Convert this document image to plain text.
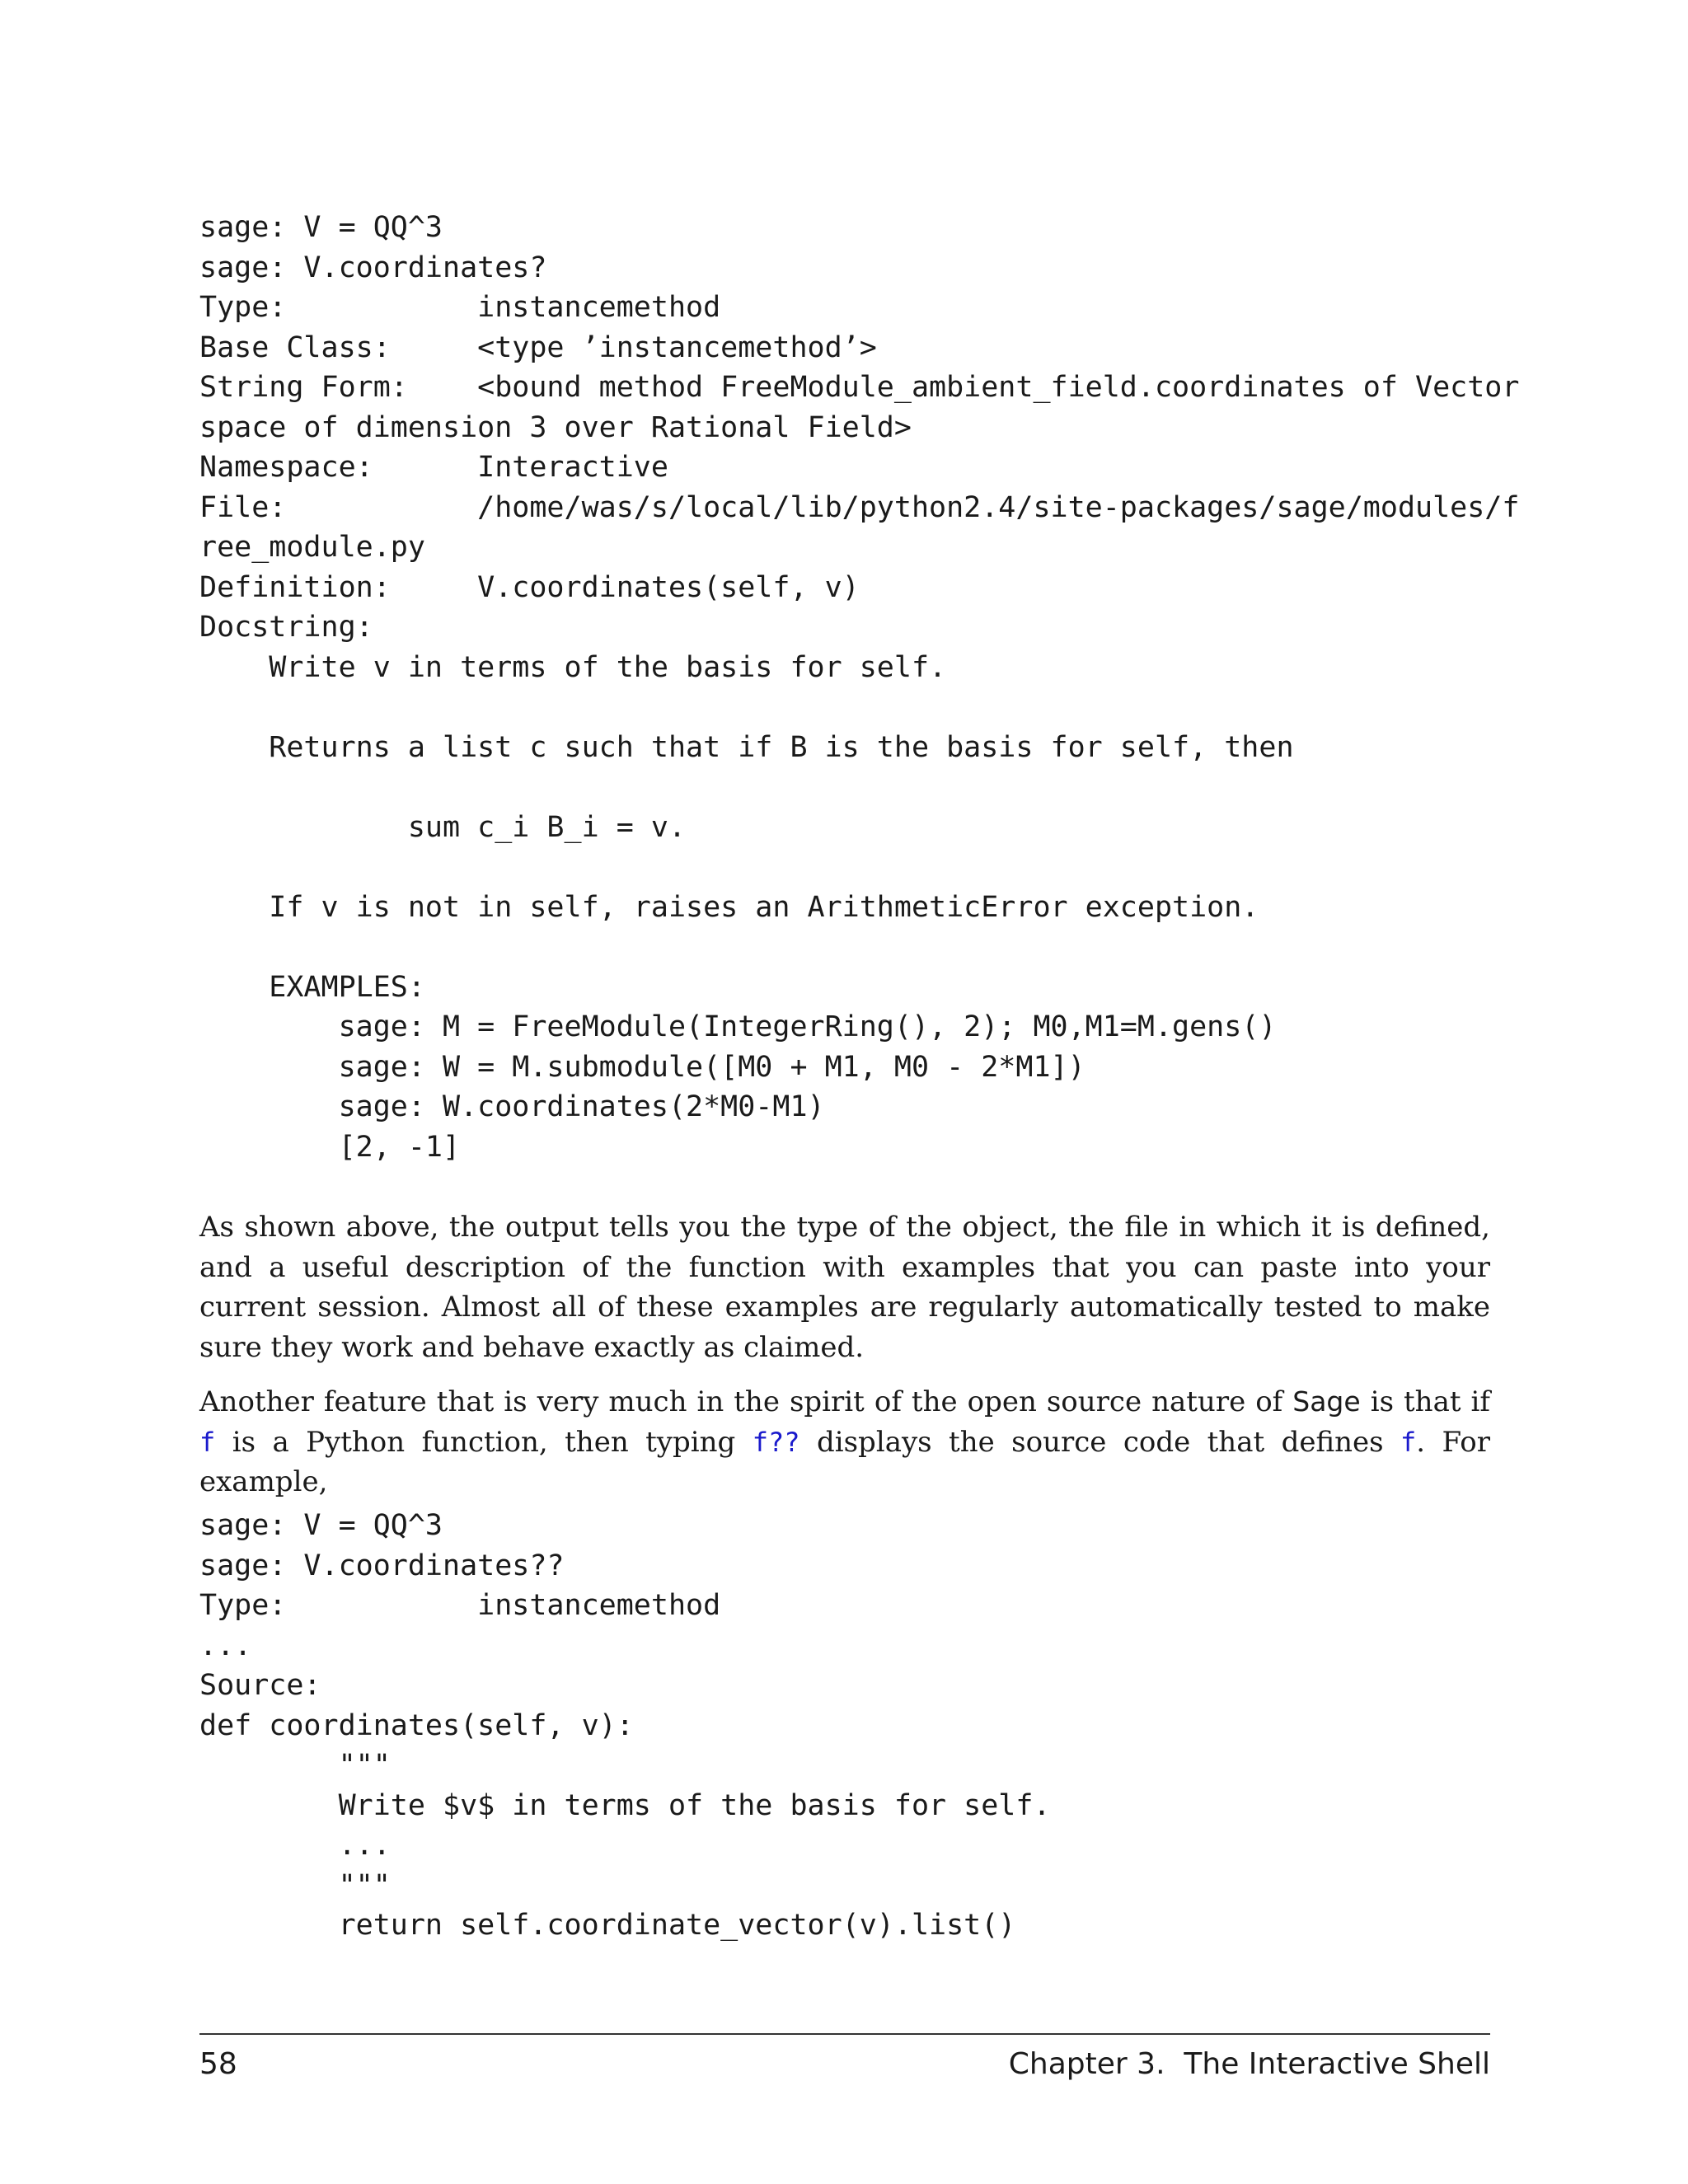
sage: V = QQ^3
sage: V.coordinates?
Type:           instancemethod
Base Class:     <type ’instancemethod’>
String Form:    <bound method FreeModule_ambient_field.coordinates of Vector
space of dimension 3 over Rational Field>
Namespace:      Interactive
File:           /home/was/s/local/lib/python2.4/site-packages/sage/modules/f
ree_module.py
Definition:     V.coordinates(self, v)
Docstring:
Write v in terms of the basis for self.
Returns a list c such that if B is the basis for self, then
sum c_i B_i = v.
If v is not in self, raises an ArithmeticError exception.
EXAMPLES:
sage: M = FreeModule(IntegerRing(), 2); M0,M1=M.gens()
sage: W = M.submodule([M0 + M1, M0 - 2*M1])
sage: W.coordinates(2*M0-M1)
[2, -1]

As shown above, the output tells you the type of the object, the file in which it is defined, and a useful description of the function with examples that you can paste into your current session. Almost all of these examples are regularly automatically tested to make sure they work and behave exactly as claimed.

Another feature that is very much in the spirit of the open source nature of Sage is that if f is a Python function, then typing f?? displays the source code that defines f. For example,

sage: V = QQ^3
sage: V.coordinates??
Type:           instancemethod
...
Source:
def coordinates(self, v):
"""
Write $v$ in terms of the basis for self.
...
"""
return self.coordinate_vector(v).list()
58	Chapter 3.  The Interactive Shell
